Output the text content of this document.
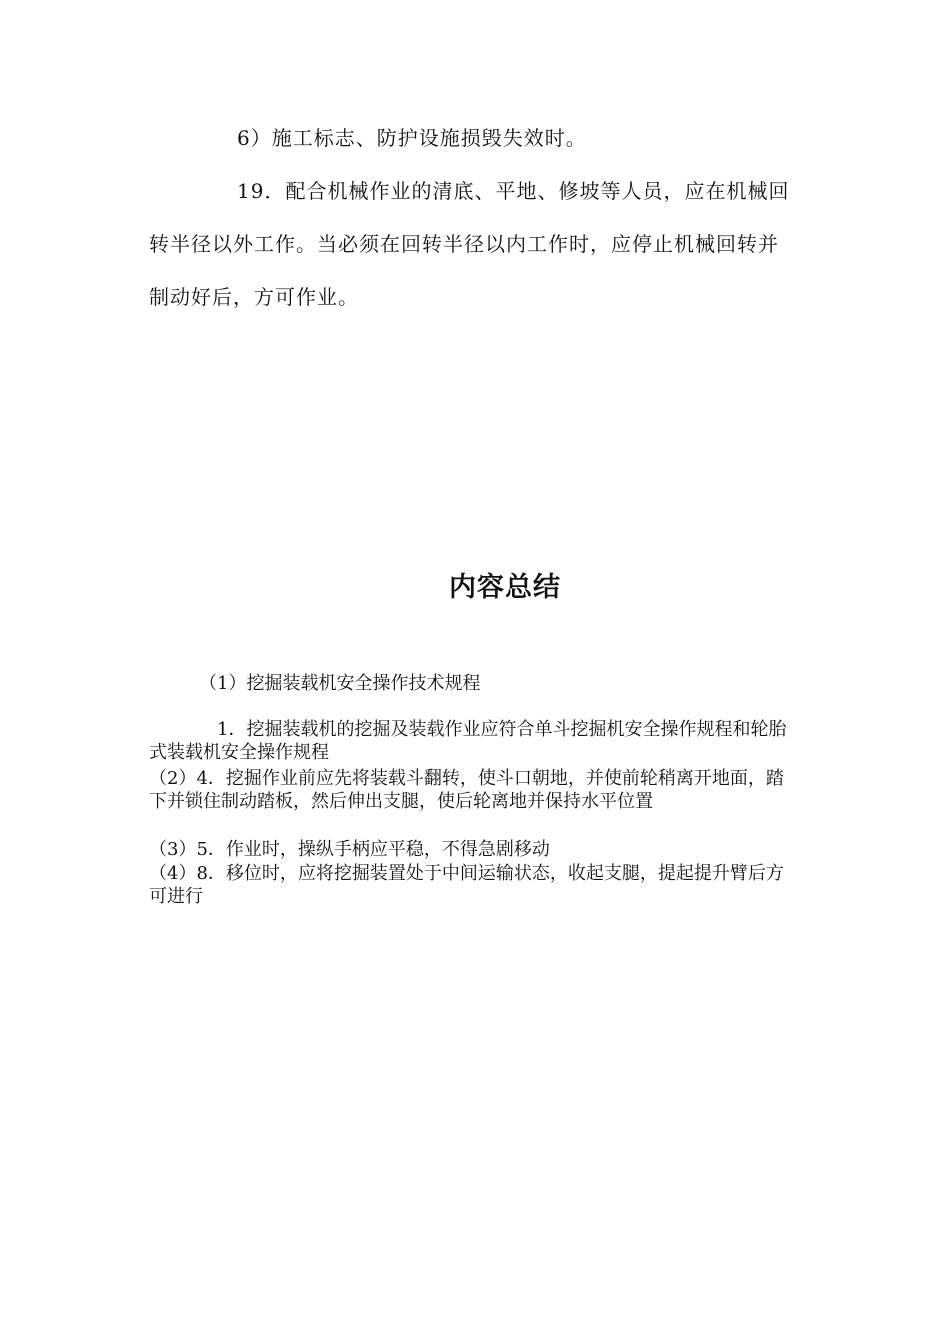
6）施工标志、防护设施损毁失效时。

19．配合机械作业的清底、平地、修坡等人员，应在机械回转半径以外工作。当必须在回转半径以内工作时，应停止机械回转并制动好后，方可作业。

内容总结

（1）挖掘装载机安全操作技术规程

1．挖掘装载机的挖掘及装载作业应符合单斗挖掘机安全操作规程和轮胎式装载机安全操作规程

（2）4．挖掘作业前应先将装载斗翻转，使斗口朝地，并使前轮稍离开地面，踏下并锁住制动踏板，然后伸出支腿，使后轮离地并保持水平位置

（3）5．作业时，操纵手柄应平稳，不得急剧移动

（4）8．移位时，应将挖掘装置处于中间运输状态，收起支腿，提起提升臂后方可进行
